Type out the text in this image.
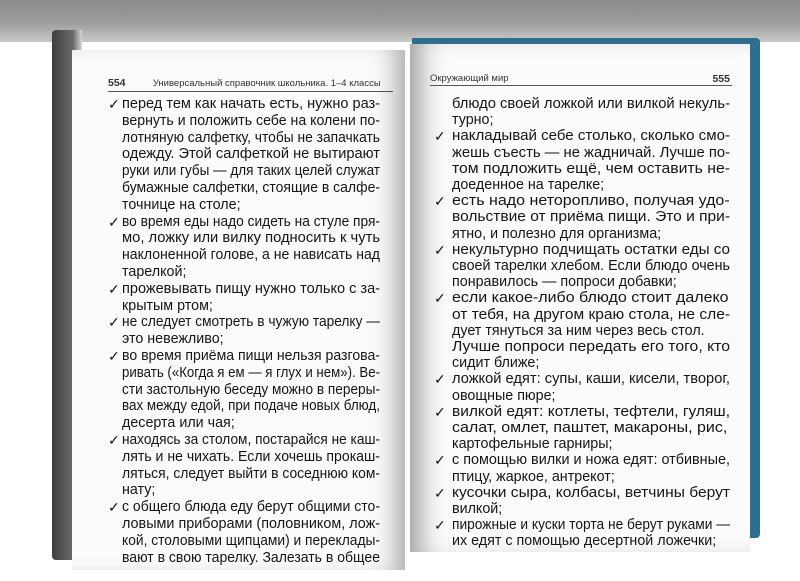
554	Универсальный справочник школьника. 1–4 классы
✓ перед тем как начать есть, нужно раз-
вернуть и положить себе на колени по-
лотняную салфетку, чтобы не запачкать
одежду. Этой салфеткой не вытирают
руки или губы — для таких целей служат
бумажные салфетки, стоящие в салфе-
точнице на столе;
✓ во время еды надо сидеть на стуле пря-
мо, ложку или вилку подносить к чуть
наклоненной голове, а не нависать над
тарелкой;
✓ прожевывать пищу нужно только с за-
крытым ртом;
✓ не следует смотреть в чужую тарелку —
это невежливо;
✓ во время приёма пищи нельзя разгова-
ривать («Когда я ем — я глух и нем»). Ве-
сти застольную беседу можно в переры-
вах между едой, при подаче новых блюд,
десерта или чая;
✓ находясь за столом, постарайся не каш-
лять и не чихать. Если хочешь прокаш-
ляться, следует выйти в соседнюю ком-
нату;
✓ с общего блюда еду берут общими сто-
ловыми приборами (половником, лож-
кой, столовыми щипцами) и переклады-
вают в свою тарелку. Залезать в общее
Окружающий мир	555
блюдо своей ложкой или вилкой некуль-
турно;
✓ накладывай себе столько, сколько смо-
жешь съесть — не жадничай. Лучше по-
том подложить ещё, чем оставить не-
доеденное на тарелке;
✓ есть надо неторопливо, получая удо-
вольствие от приёма пищи. Это и при-
ятно, и полезно для организма;
✓ некультурно подчищать остатки еды со
своей тарелки хлебом. Если блюдо очень
понравилось — попроси добавки;
✓ если какое-либо блюдо стоит далеко
от тебя, на другом краю стола, не сле-
дует тянуться за ним через весь стол.
Лучше попроси передать его того, кто
сидит ближе;
✓ ложкой едят: супы, каши, кисели, творог,
овощные пюре;
✓ вилкой едят: котлеты, тефтели, гуляш,
салат, омлет, паштет, макароны, рис,
картофельные гарниры;
✓ с помощью вилки и ножа едят: отбивные,
птицу, жаркое, антрекот;
✓ кусочки сыра, колбасы, ветчины берут
вилкой;
✓ пирожные и куски торта не берут руками —
их едят с помощью десертной ложечки;
